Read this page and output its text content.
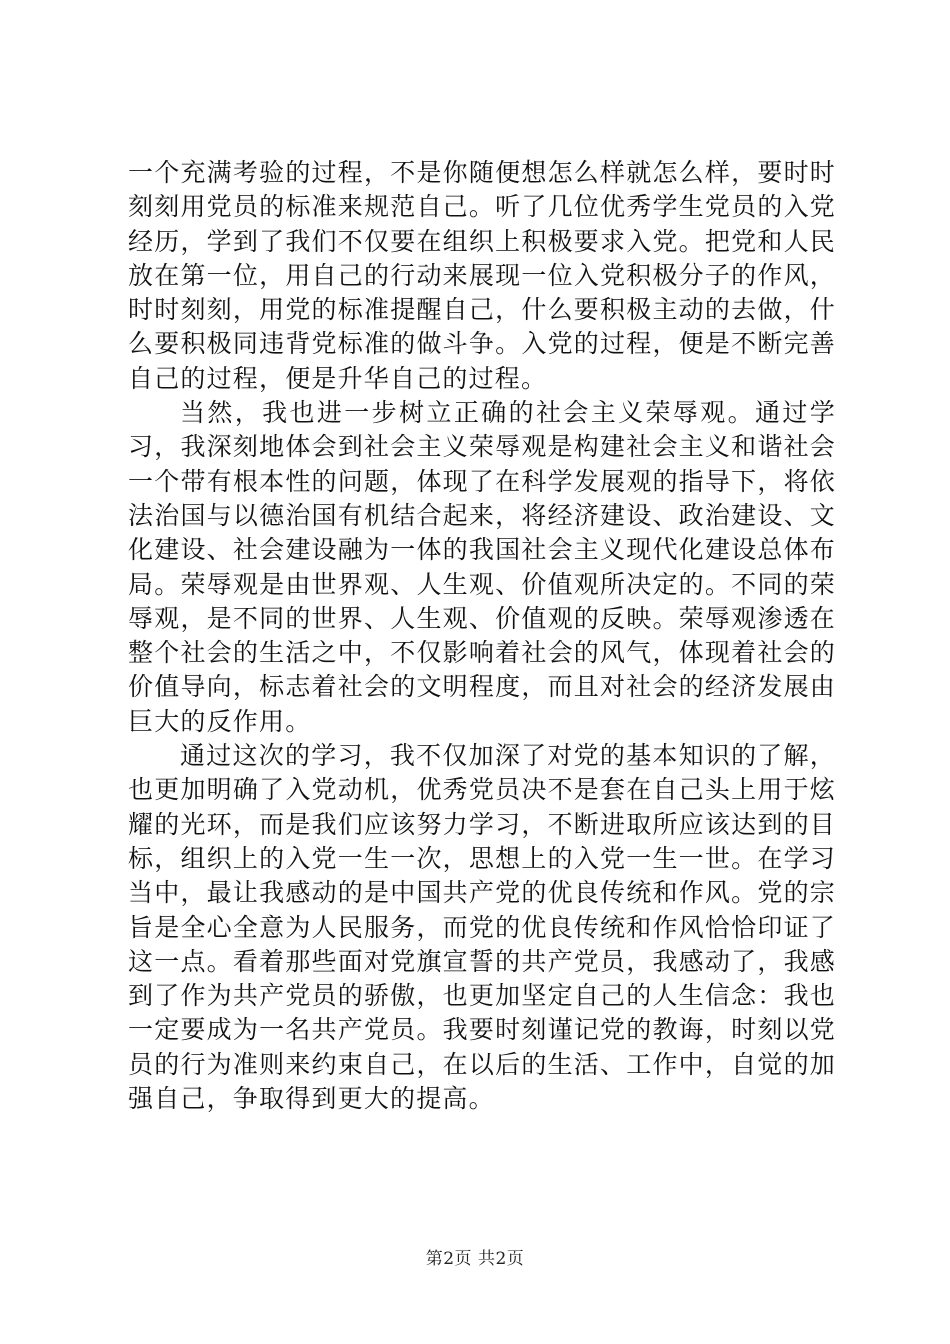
一个充满考验的过程，不是你随便想怎么样就怎么样，要时时刻刻用党员的标准来规范自己。听了几位优秀学生党员的入党经历，学到了我们不仅要在组织上积极要求入党。把党和人民放在第一位，用自己的行动来展现一位入党积极分子的作风，时时刻刻，用党的标准提醒自己，什么要积极主动的去做，什么要积极同违背党标准的做斗争。入党的过程，便是不断完善自己的过程，便是升华自己的过程。

当然，我也进一步树立正确的社会主义荣辱观。通过学习，我深刻地体会到社会主义荣辱观是构建社会主义和谐社会一个带有根本性的问题，体现了在科学发展观的指导下，将依法治国与以德治国有机结合起来，将经济建设、政治建设、文化建设、社会建设融为一体的我国社会主义现代化建设总体布局。荣辱观是由世界观、人生观、价值观所决定的。不同的荣辱观，是不同的世界、人生观、价值观的反映。荣辱观渗透在整个社会的生活之中，不仅影响着社会的风气，体现着社会的价值导向，标志着社会的文明程度，而且对社会的经济发展由巨大的反作用。

通过这次的学习，我不仅加深了对党的基本知识的了解，也更加明确了入党动机，优秀党员决不是套在自己头上用于炫耀的光环，而是我们应该努力学习，不断进取所应该达到的目标，组织上的入党一生一次，思想上的入党一生一世。在学习当中，最让我感动的是中国共产党的优良传统和作风。党的宗旨是全心全意为人民服务，而党的优良传统和作风恰恰印证了这一点。看着那些面对党旗宣誓的共产党员，我感动了，我感到了作为共产党员的骄傲，也更加坚定自己的人生信念：我也一定要成为一名共产党员。我要时刻谨记党的教诲，时刻以党员的行为准则来约束自己，在以后的生活、工作中，自觉的加强自己，争取得到更大的提高。

第2页 共2页
